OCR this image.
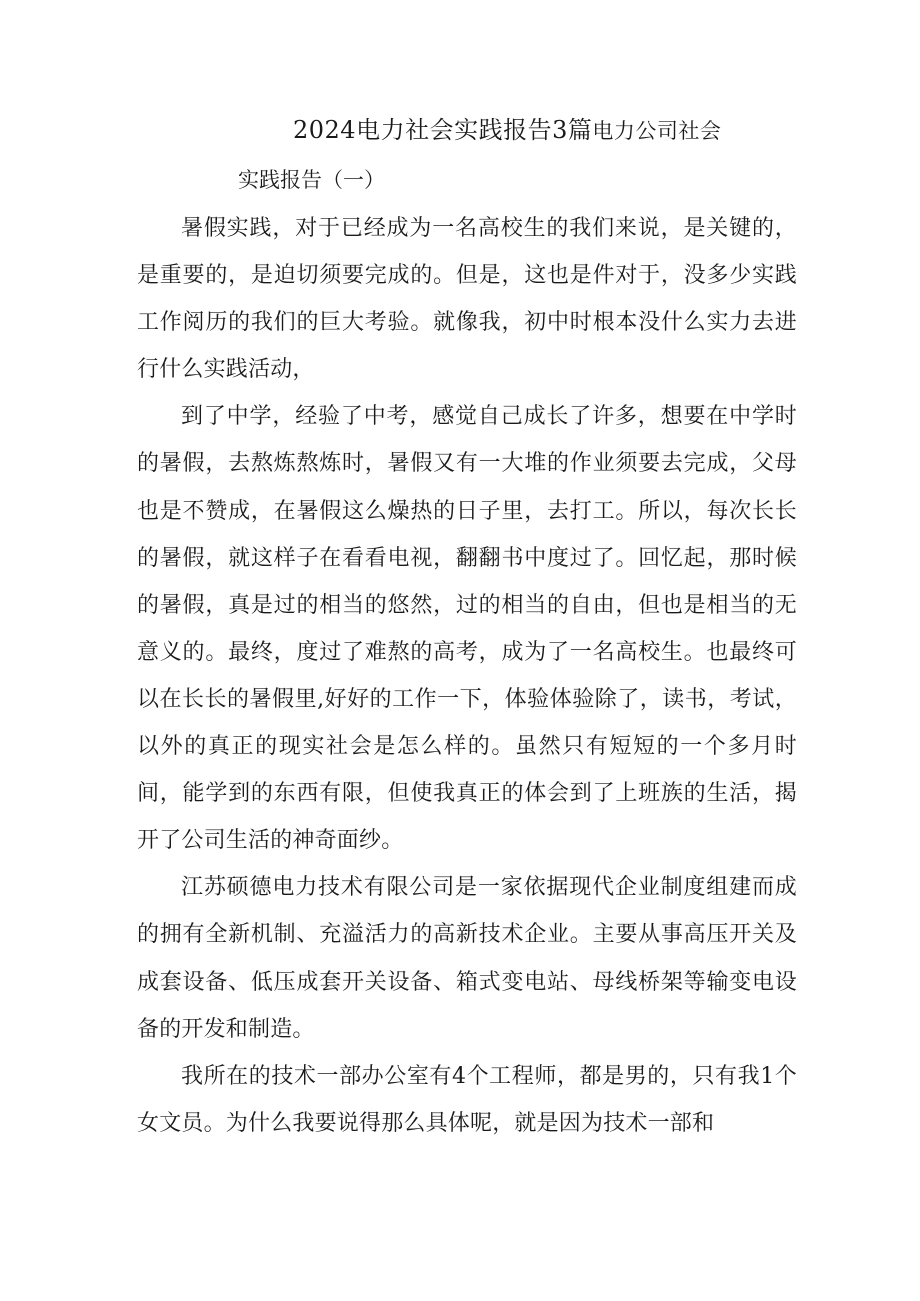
2024电力社会实践报告3篇电力公司社会
实践报告（一）

暑假实践，对于已经成为一名高校生的我们来说，是关键的，是重要的，是迫切须要完成的。但是，这也是件对于，没多少实践工作阅历的我们的巨大考验。就像我，初中时根本没什么实力去进行什么实践活动，

到了中学，经验了中考，感觉自己成长了许多，想要在中学时的暑假，去熬炼熬炼时，暑假又有一大堆的作业须要去完成，父母也是不赞成，在暑假这么燥热的日子里，去打工。所以，每次长长的暑假，就这样子在看看电视，翻翻书中度过了。回忆起，那时候的暑假，真是过的相当的悠然，过的相当的自由，但也是相当的无意义的。最终，度过了难熬的高考，成为了一名高校生。也最终可以在长长的暑假里,好好的工作一下，体验体验除了，读书，考试，以外的真正的现实社会是怎么样的。虽然只有短短的一个多月时间，能学到的东西有限，但使我真正的体会到了上班族的生活，揭开了公司生活的神奇面纱。

江苏硕德电力技术有限公司是一家依据现代企业制度组建而成的拥有全新机制、充溢活力的高新技术企业。主要从事高压开关及成套设备、低压成套开关设备、箱式变电站、母线桥架等输变电设备的开发和制造。

我所在的技术一部办公室有4个工程师，都是男的，只有我1个女文员。为什么我要说得那么具体呢，就是因为技术一部和
